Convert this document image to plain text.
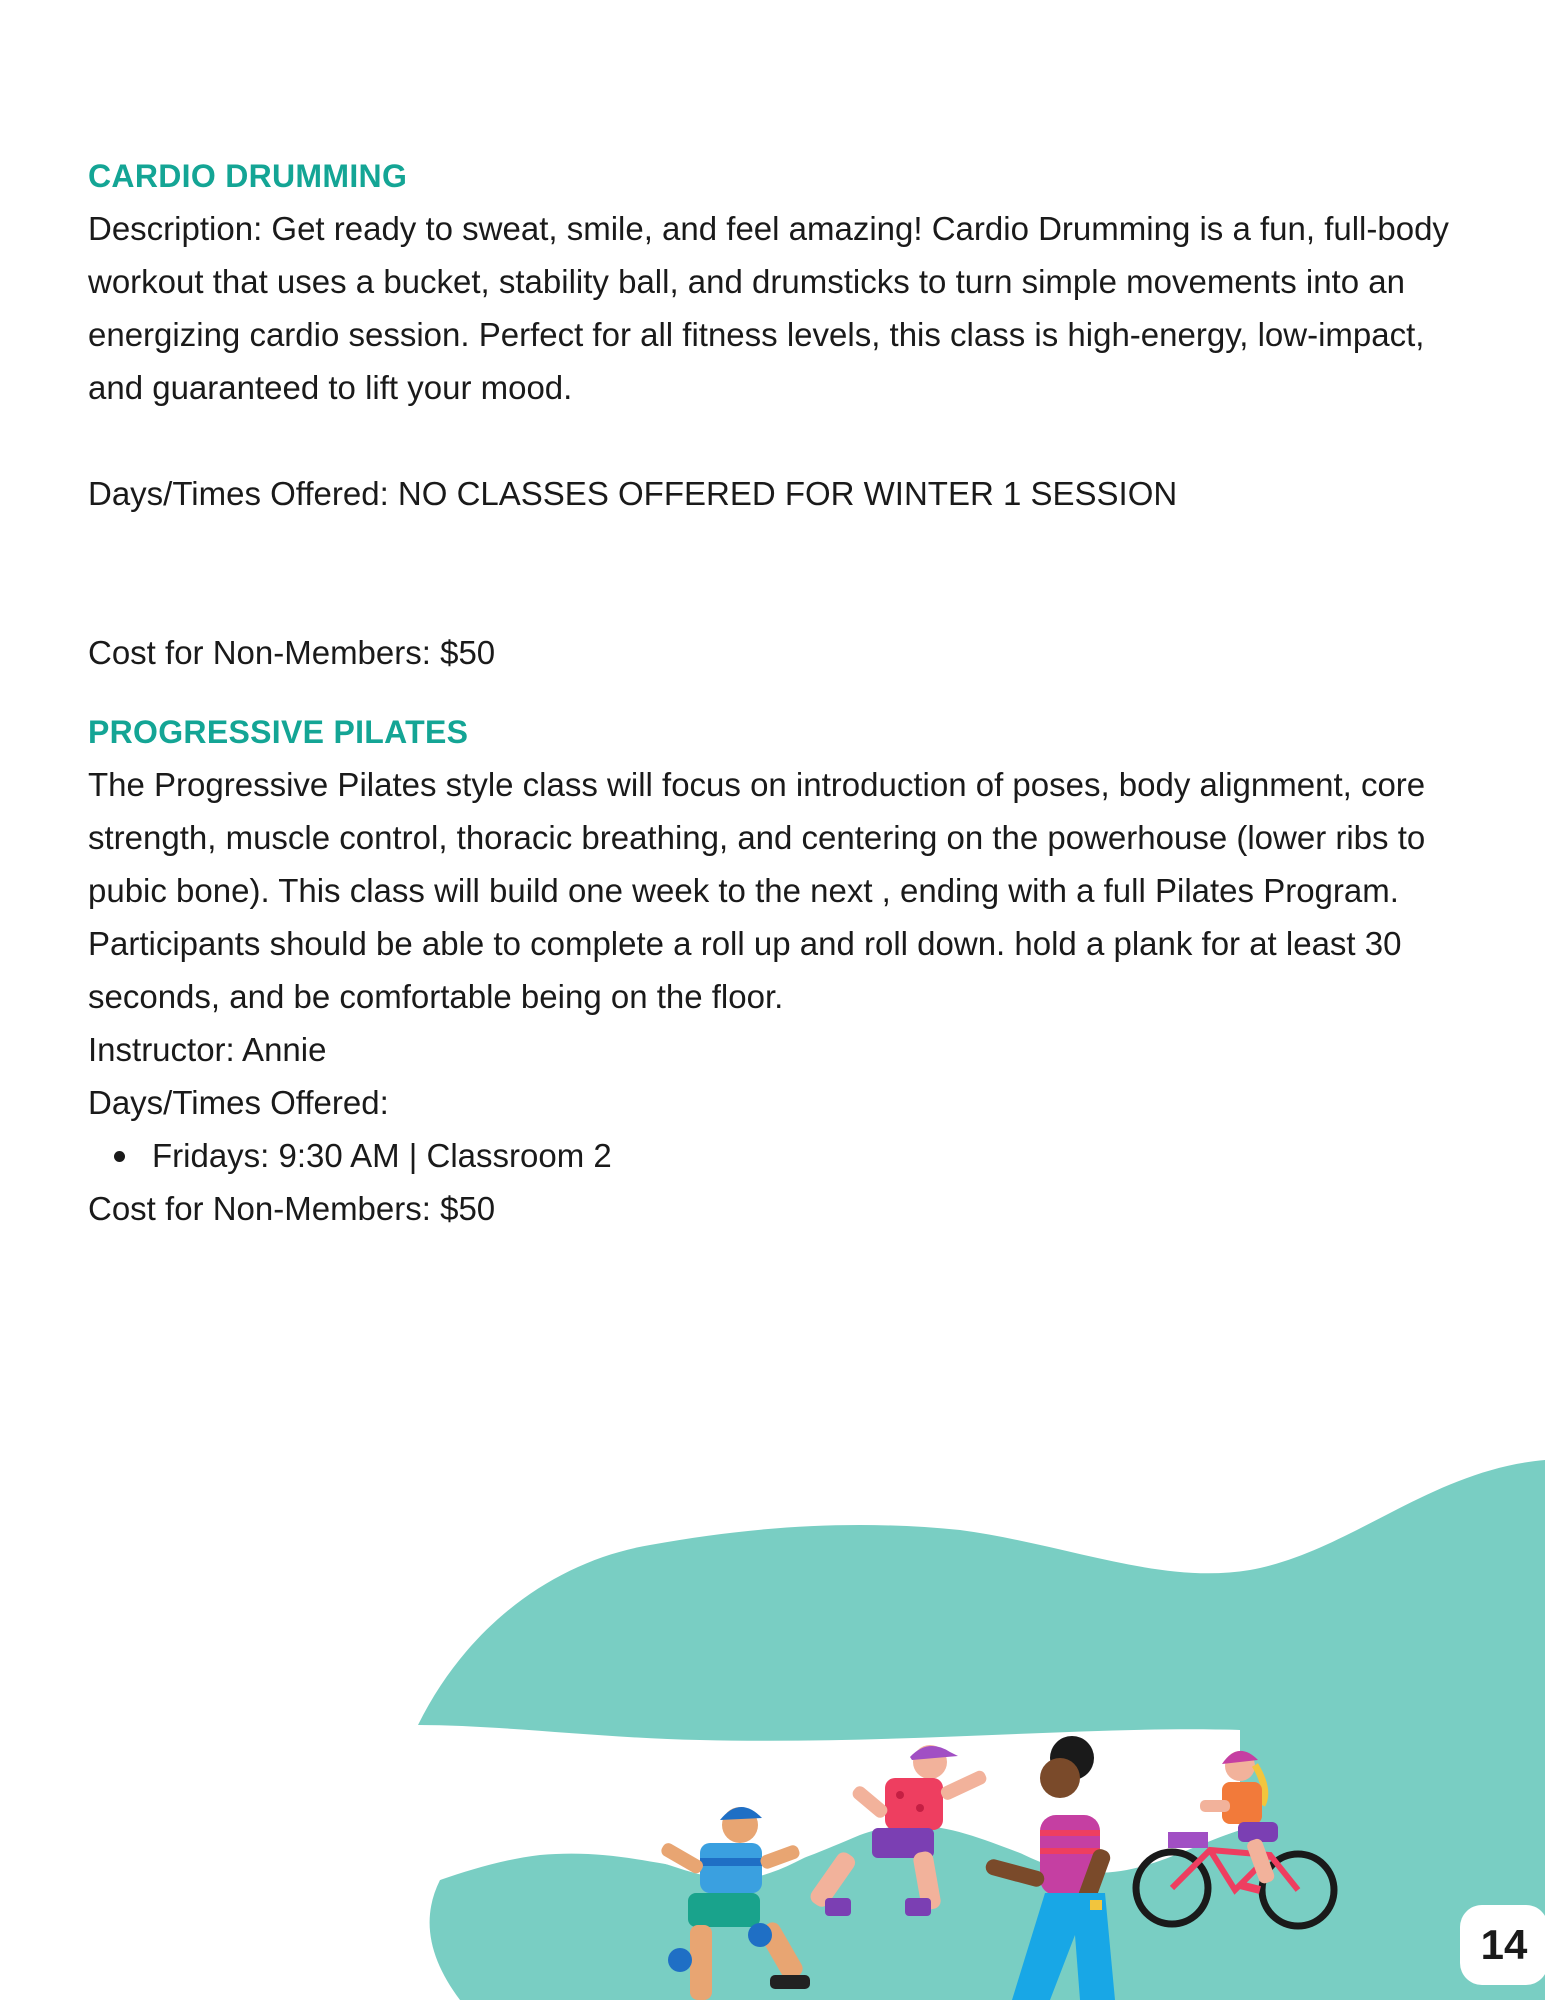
CARDIO DRUMMING

Description: Get ready to sweat, smile, and feel amazing! Cardio Drumming is a fun, full-body workout that uses a bucket, stability ball, and drumsticks to turn simple movements into an energizing cardio session. Perfect for all fitness levels, this class is high-energy, low-impact, and guaranteed to lift your mood.

Days/Times Offered: NO CLASSES OFFERED FOR WINTER 1 SESSION

Cost for Non-Members: $50

PROGRESSIVE PILATES

The Progressive Pilates style class will focus on introduction of poses, body alignment, core strength, muscle control, thoracic breathing, and centering on the powerhouse (lower ribs to pubic bone). This class will build one week to the next , ending with a full Pilates Program. Participants should be able to complete a roll up and roll down. hold a plank for at least 30 seconds, and be comfortable being on the floor.

Instructor: Annie

Days/Times Offered:

Fridays: 9:30 AM | Classroom 2

Cost for Non-Members: $50

14
